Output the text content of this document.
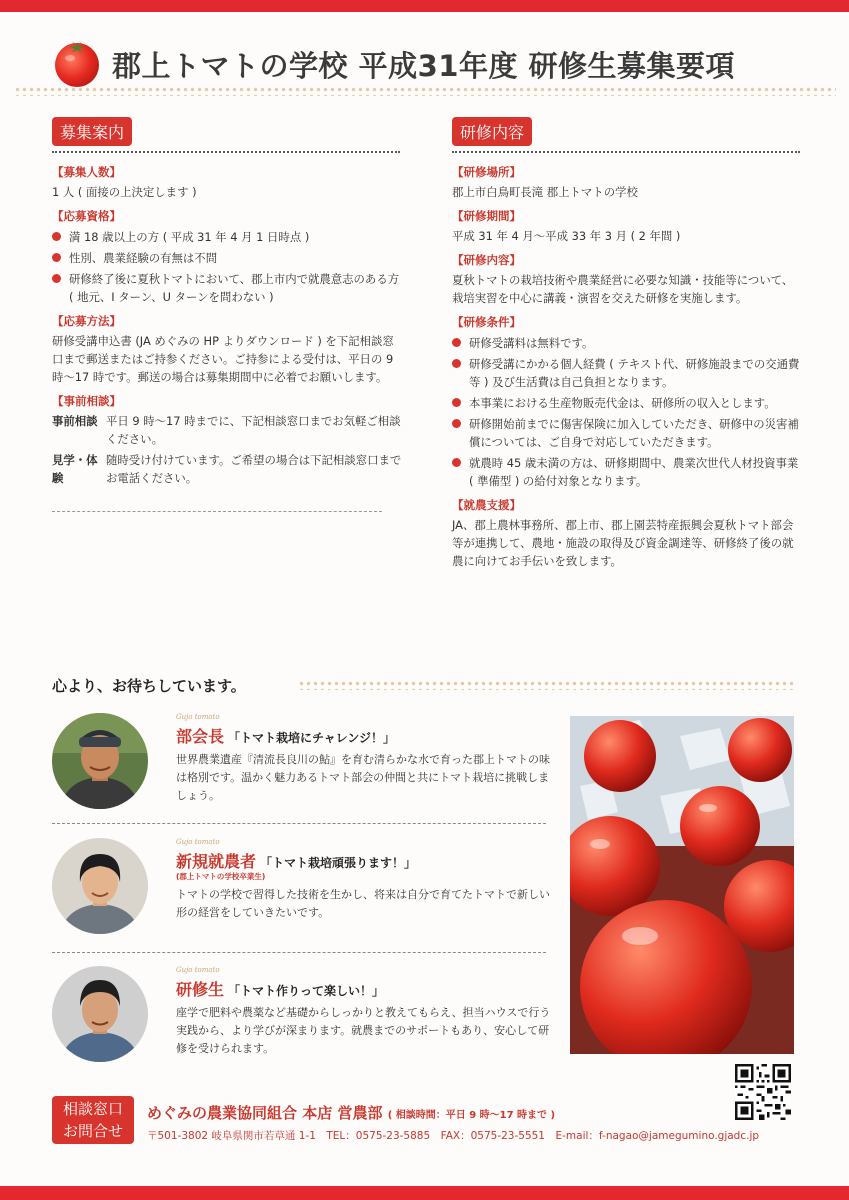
郡上トマトの学校 平成31年度 研修生募集要項
募集案内
【募集人数】
1 人 ( 面接の上決定します )
【応募資格】
満 18 歳以上の方 ( 平成 31 年 4 月 1 日時点 )
性別、農業経験の有無は不問
研修終了後に夏秋トマトにおいて、郡上市内で就農意志のある方 ( 地元、I ターン、U ターンを問わない )
【応募方法】
研修受講申込書 (JA めぐみの HP よりダウンロード ) を下記相談窓口まで郵送またはご持参ください。ご持参による受付は、平日の 9 時～17 時です。郵送の場合は募集期間中に必着でお願いします。
【事前相談】
事前相談 平日 9 時～17 時までに、下記相談窓口までお気軽ご相談ください。
見学・体験
随時受け付けています。ご希望の場合は下記相談窓口までお電話ください。
研修内容
【研修場所】
郡上市白鳥町長滝 郡上トマトの学校
【研修期間】
平成 31 年 4 月～平成 33 年 3 月 ( 2 年間 )
【研修内容】
夏秋トマトの栽培技術や農業経営に必要な知識・技能等について、栽培実習を中心に講義・演習を交えた研修を実施します。
【研修条件】
研修受講料は無料です。
研修受講にかかる個人経費 ( テキスト代、研修施設までの交通費等 ) 及び生活費は自己負担となります。
本事業における生産物販売代金は、研修所の収入とします。
研修開始前までに傷害保険に加入していただき、研修中の災害補償については、ご自身で対応していただきます。
就農時 45 歳未満の方は、研修期間中、農業次世代人材投資事業 ( 準備型 ) の給付対象となります。
【就農支援】
JA、郡上農林事務所、郡上市、郡上園芸特産振興会夏秋トマト部会等が連携して、農地・施設の取得及び資金調達等、研修終了後の就農に向けてお手伝いを致します。
心より、お待ちしています。
Gujo tomato
部会長 「トマト栽培にチャレンジ！」
世界農業遺産『清流長良川の鮎』を育む清らかな水で育った郡上トマトの味は格別です。温かく魅力あるトマト部会の仲間と共にトマト栽培に挑戦しましょう。
Gujo tomato
新規就農者 「トマト栽培頑張ります！」
(郡上トマトの学校卒業生)
トマトの学校で習得した技術を生かし、将来は自分で育てたトマトで新しい形の経営をしていきたいです。
Gujo tomato
研修生 「トマト作りって楽しい！」
座学で肥料や農薬など基礎からしっかりと教えてもらえ、担当ハウスで行う実践から、より学びが深まります。就農までのサポートもあり、安心して研修を受けられます。
相談窓口
お問合せ
めぐみの農業協同組合 本店 営農部 ( 相談時間：平日 9 時～17 時まで )
〒501-3802 岐阜県関市若草通 1-1　TEL：0575-23-5885　FAX：0575-23-5551　E-mail：f-nagao@jamegumino.gjadc.jp
